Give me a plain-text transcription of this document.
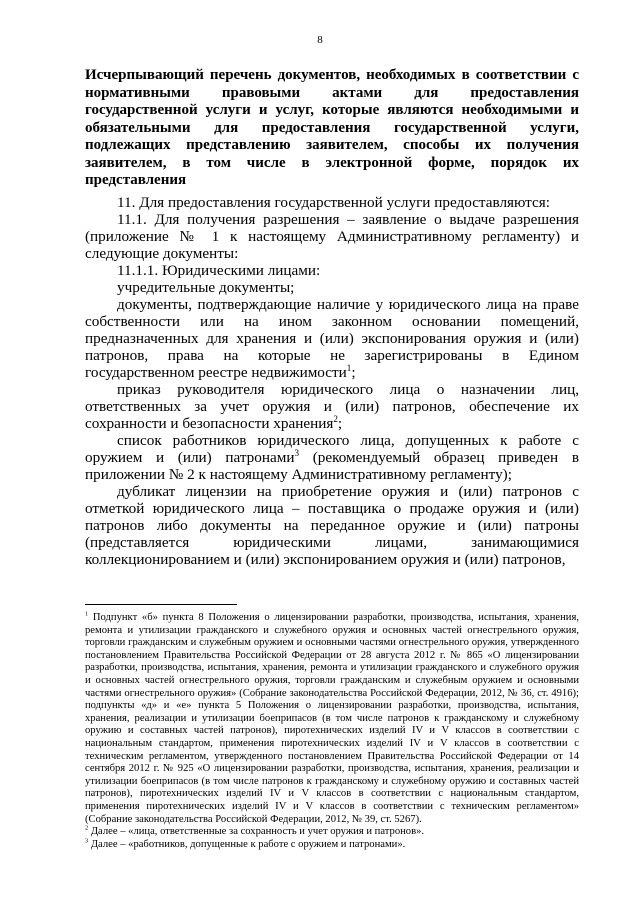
8
Исчерпывающий перечень документов, необходимых в соответствии с нормативными правовыми актами для предоставления государственной услуги и услуг, которые являются необходимыми и обязательными для предоставления государственной услуги, подлежащих представлению заявителем, способы их получения заявителем, в том числе в электронной форме, порядок их представления

11. Для предоставления государственной услуги предоставляются:

11.1. Для получения разрешения – заявление о выдаче разрешения (приложение № 1 к настоящему Административному регламенту) и следующие документы:

11.1.1. Юридическими лицами:

учредительные документы;

документы, подтверждающие наличие у юридического лица на праве собственности или на ином законном основании помещений, предназначенных для хранения и (или) экспонирования оружия и (или) патронов, права на которые не зарегистрированы в Едином государственном реестре недвижимости$^1$;

приказ руководителя юридического лица о назначении лиц, ответственных за учет оружия и (или) патронов, обеспечение их сохранности и безопасности хранения$^2$;

список работников юридического лица, допущенных к работе с оружием и (или) патронами$^3$ (рекомендуемый образец приведен в приложении № 2 к настоящему Административному регламенту);

дубликат лицензии на приобретение оружия и (или) патронов с отметкой юридического лица – поставщика о продаже оружия и (или) патронов либо документы на переданное оружие и (или) патроны (представляется юридическими лицами, занимающимися коллекционированием и (или) экспонированием оружия и (или) патронов,

$^1$ Подпункт «б» пункта 8 Положения о лицензировании разработки, производства, испытания, хранения, ремонта и утилизации гражданского и служебного оружия и основных частей огнестрельного оружия, торговли гражданским и служебным оружием и основными частями огнестрельного оружия, утвержденного постановлением Правительства Российской Федерации от 28 августа 2012 г. № 865 «О лицензировании разработки, производства, испытания, хранения, ремонта и утилизации гражданского и служебного оружия и основных частей огнестрельного оружия, торговли гражданским и служебным оружием и основными частями огнестрельного оружия» (Собрание законодательства Российской Федерации, 2012, № 36, ст. 4916); подпункты «д» и «е» пункта 5 Положения о лицензировании разработки, производства, испытания, хранения, реализации и утилизации боеприпасов (в том числе патронов к гражданскому и служебному оружию и составных частей патронов), пиротехнических изделий IV и V классов в соответствии с национальным стандартом, применения пиротехнических изделий IV и V классов в соответствии с техническим регламентом, утвержденного постановлением Правительства Российской Федерации от 14 сентября 2012 г. № 925 «О лицензировании разработки, производства, испытания, хранения, реализации и утилизации боеприпасов (в том числе патронов к гражданскому и служебному оружию и составных частей патронов), пиротехнических изделий IV и V классов в соответствии с национальным стандартом, применения пиротехнических изделий IV и V классов в соответствии с техническим регламентом» (Собрание законодательства Российской Федерации, 2012, № 39, ст. 5267).

$^2$ Далее – «лица, ответственные за сохранность и учет оружия и патронов».

$^3$ Далее – «работников, допущенные к работе с оружием и патронами».
